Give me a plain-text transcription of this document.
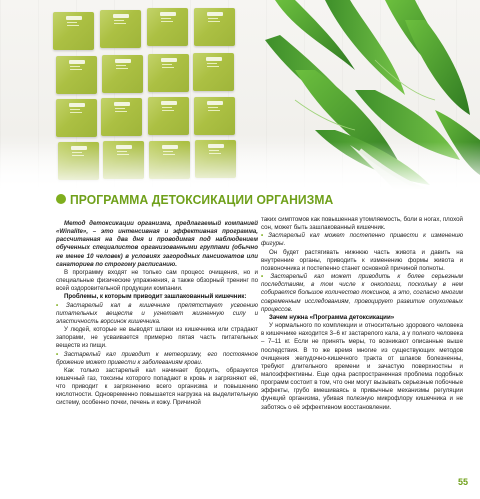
ПРОГРАММА ДЕТОКСИКАЦИИ ОРГАНИЗМА

Метод детоксикации организма, предлагаемый компанией «Winalite», – это интенсивная и эффективная программа, рассчитанная на два дня и проводимая под наблюдением обученных специалистов организованными группами (обычно не менее 10 человек) в условиях загородных пансионатов или санаториев по строгому расписанию.

В программу входят не только сам процесс очищения, но и специальные физические упражнения, а также обзорный тренинг по всей оздоровительной продукции компании.

Проблемы, к которым приводит зашлакованный кишечник:

• Застарелый кал в кишечнике препятствует усвоению питательных веществ и угнетает жизненную силу и эластичность ворсинок кишечника.

У людей, которые не выводят шлаки из кишечника или страдают запорами, не усваивается примерно пятая часть питательных веществ из пищи.

• Застарелый кал приводит к метеоризму, его постоянное брожение может привести к заболеваниям крови.

Как только застарелый кал начинает бродить, образуется кишечный газ, токсины которого попадают в кровь и загрязняют её, что приводит к загрязнению всего организма и повышению кислотности. Одновременно повышается нагрузка на выделительную систему, особенно почки, печень и кожу. Причиной

таких симптомов как повышенная утомляемость, боли в ногах, плохой сон, может быть зашлакованный кишечник.

• Застарелый кал может постепенно привести к изменению фигуры.

Он будет растягивать нижнюю часть живота и давить на внутренние органы, приводить к изменению формы живота и позвоночника и постепенно станет основной причиной полноты.

• Застарелый кал может приводить к более серьезным последствиям, в том числе к онкологии, поскольку в нем собирается большое количество токсинов, а это, согласно многим современным исследованиям, провоцирует развитие опухолевых процессов.

Зачем нужна «Программа детоксикации»

У нормального по комплекции и относительно здорового человека в кишечнике находится 3–6 кг застарелого кала, а у полного человека – 7–11 кг. Если не принять меры, то возникают описанные выше последствия. В то же время многие из существующих методов очищения желудочно-кишечного тракта от шлаков болезненны, требуют длительного времени и зачастую поверхностны и малоэффективны. Еще одна распространенная проблема подобных программ состоит в том, что они могут вызывать серьезные побочные эффекты, грубо вмешиваясь в привычные механизмы регуляции функций организма, убивая полезную микрофлору кишечника и не заботясь о её эффективном восстановлении.

55
